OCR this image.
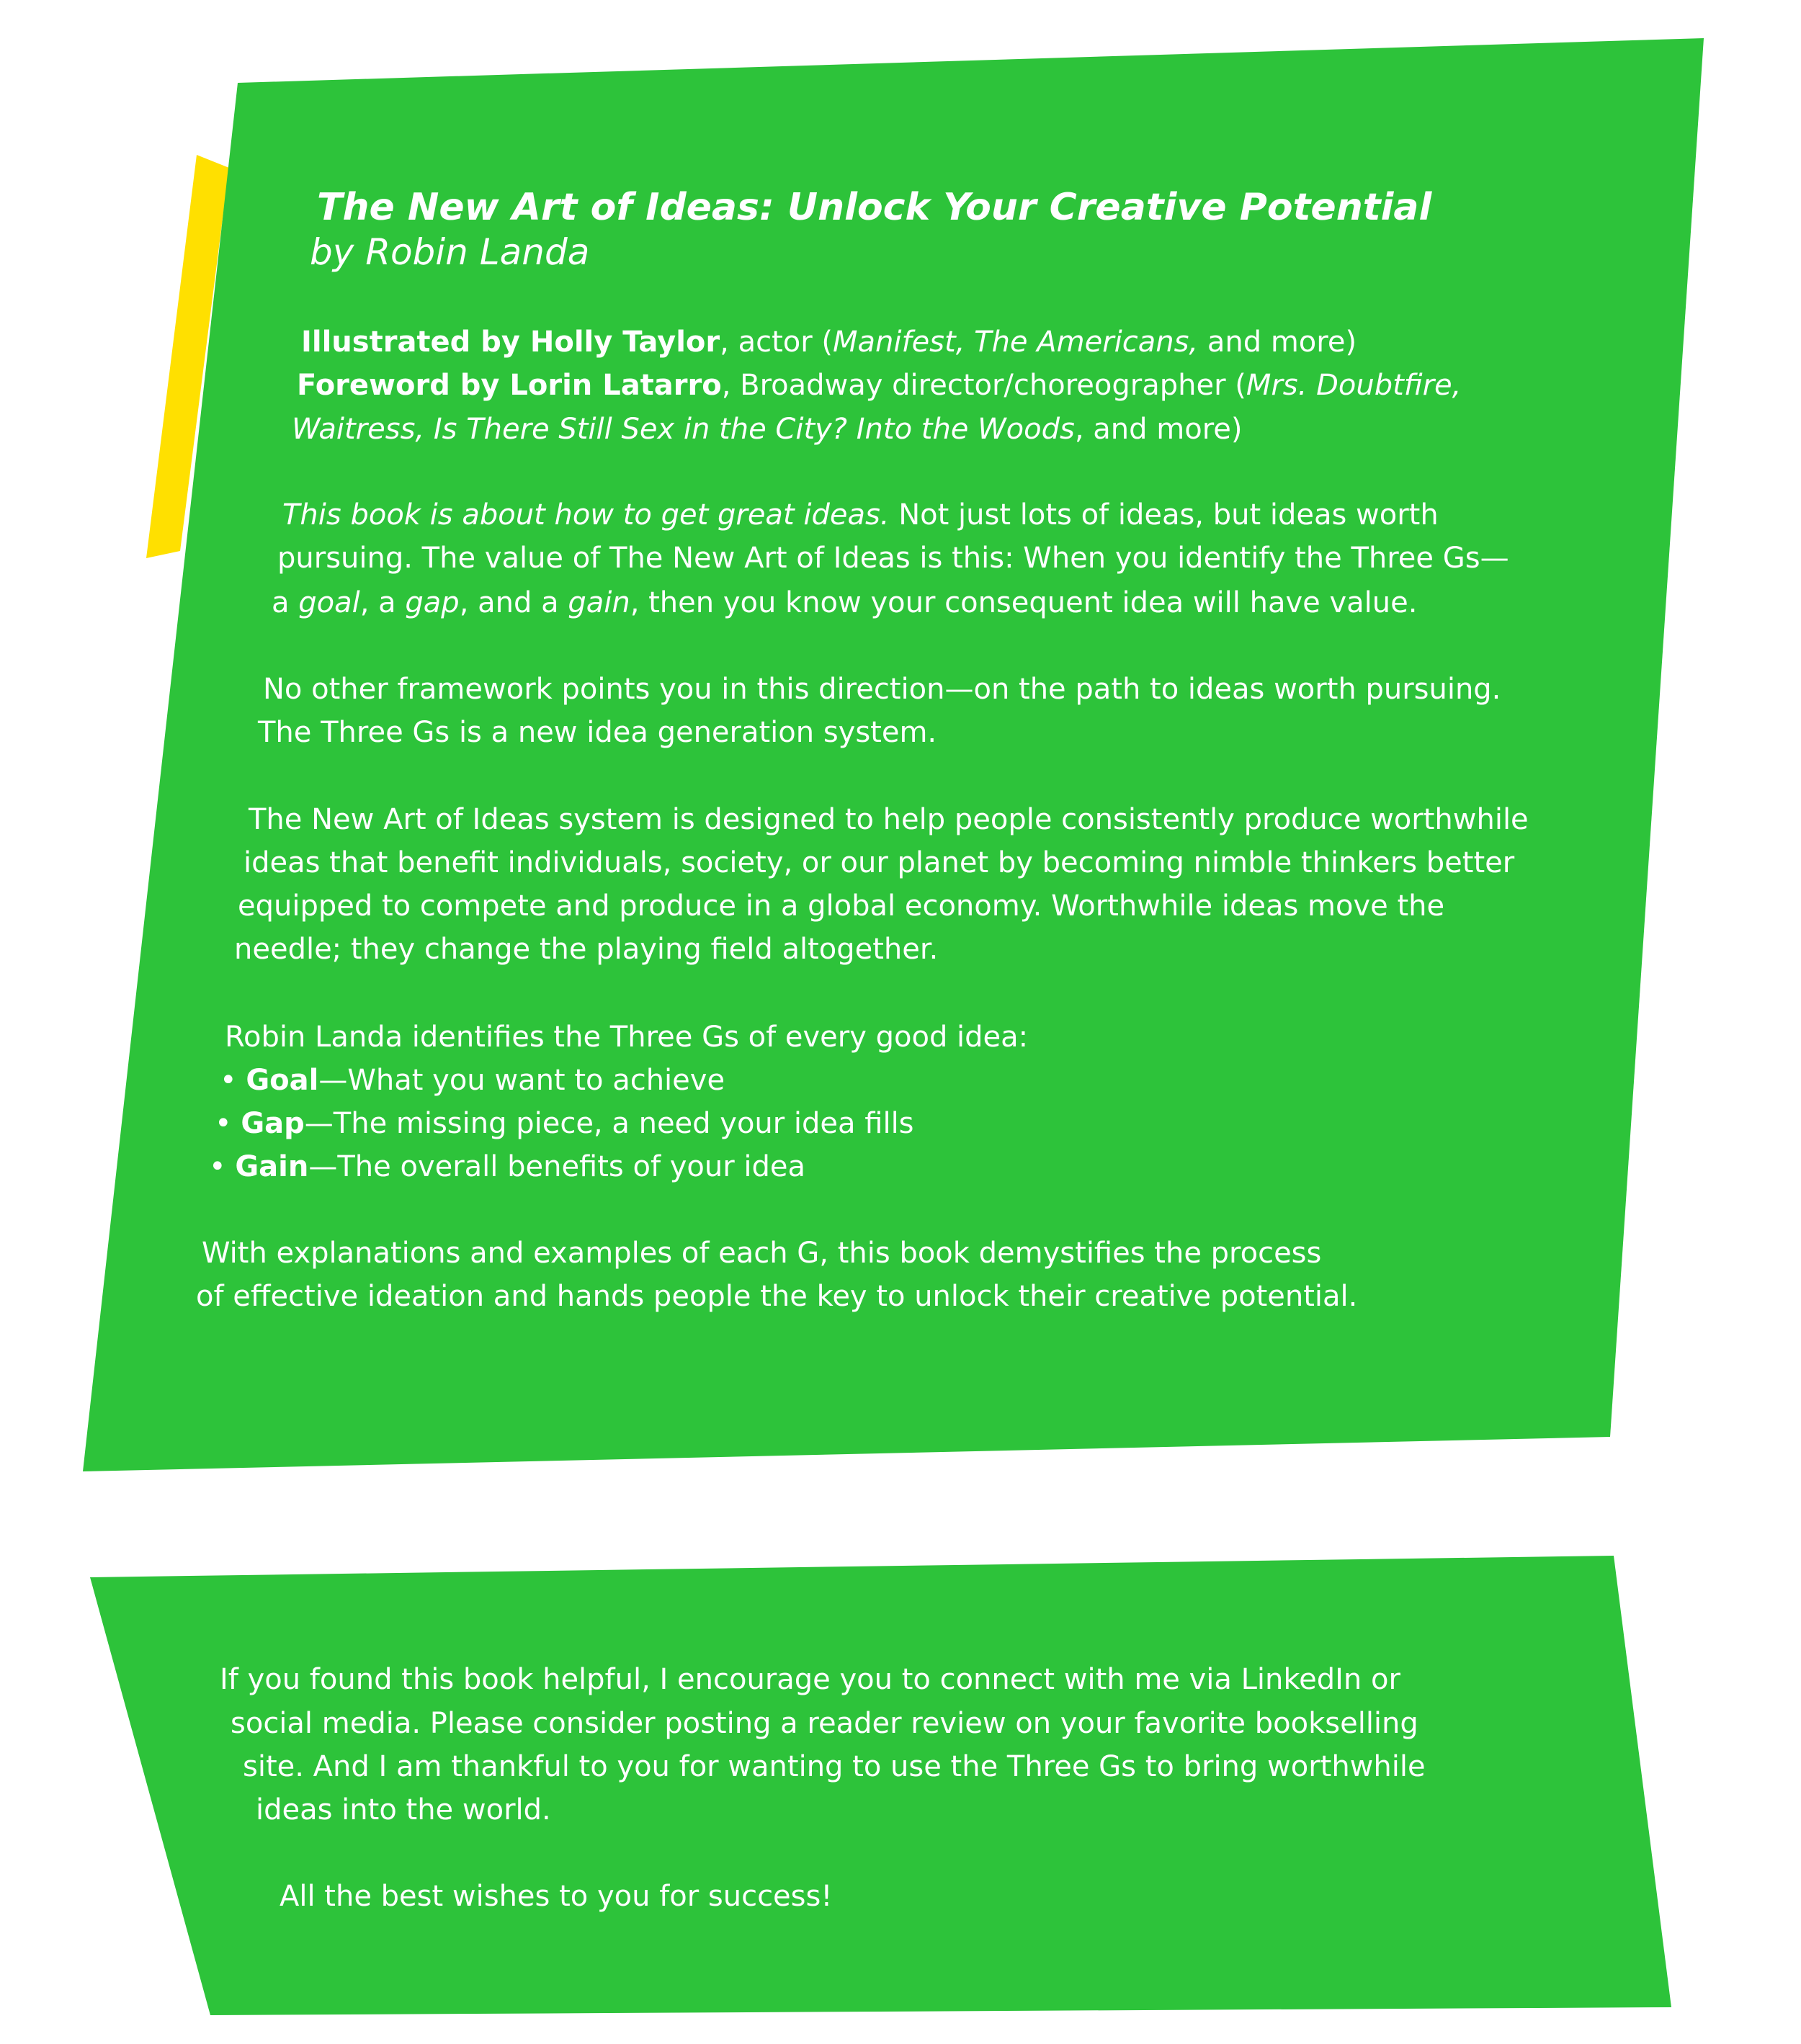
The New Art of Ideas: Unlock Your Creative Potential
by Robin Landa
Illustrated by Holly Taylor, actor (Manifest, The Americans, and more)
Foreword by Lorin Latarro, Broadway director/choreographer (Mrs. Doubtfire,
Waitress, Is There Still Sex in the City? Into the Woods, and more)
This book is about how to get great ideas. Not just lots of ideas, but ideas worth
pursuing. The value of The New Art of Ideas is this: When you identify the Three Gs—
a goal, a gap, and a gain, then you know your consequent idea will have value.
No other framework points you in this direction—on the path to ideas worth pursuing.
The Three Gs is a new idea generation system.
The New Art of Ideas system is designed to help people consistently produce worthwhile
ideas that benefit individuals, society, or our planet by becoming nimble thinkers better
equipped to compete and produce in a global economy. Worthwhile ideas move the
needle; they change the playing field altogether.
Robin Landa identifies the Three Gs of every good idea:
• Goal—What you want to achieve
• Gap—The missing piece, a need your idea fills
• Gain—The overall benefits of your idea
With explanations and examples of each G, this book demystifies the process
of effective ideation and hands people the key to unlock their creative potential.
If you found this book helpful, I encourage you to connect with me via LinkedIn or
social media. Please consider posting a reader review on your favorite bookselling
site. And I am thankful to you for wanting to use the Three Gs to bring worthwhile
ideas into the world.
All the best wishes to you for success!
